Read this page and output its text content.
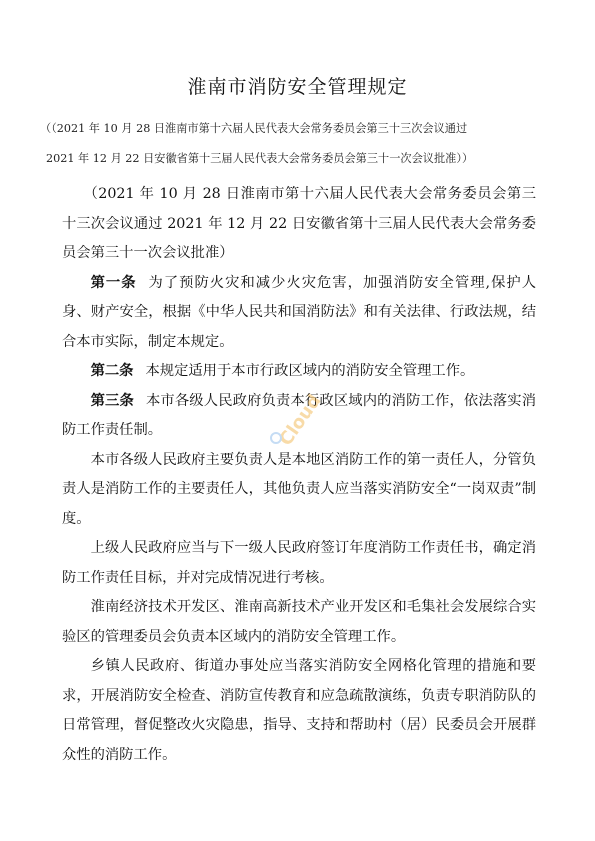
淮南市消防安全管理规定
（（2021 年 10 月 28 日淮南市第十六届人民代表大会常务委员会第三十三次会议通过
2021 年 12 月 22 日安徽省第十三届人民代表大会常务委员会第三十一次会议批准））

（2021 年 10 月 28 日淮南市第十六届人民代表大会常务委员会第三十三次会议通过 2021 年 12 月 22 日安徽省第十三届人民代表大会常务委员会第三十一次会议批准）

第一条 为了预防火灾和减少火灾危害，加强消防安全管理,保护人身、财产安全，根据《中华人民共和国消防法》和有关法律、行政法规，结合本市实际，制定本规定。

第二条 本规定适用于本市行政区域内的消防安全管理工作。

第三条 本市各级人民政府负责本行政区域内的消防工作，依法落实消防工作责任制。

本市各级人民政府主要负责人是本地区消防工作的第一责任人，分管负责人是消防工作的主要责任人，其他负责人应当落实消防安全“一岗双责”制度。

上级人民政府应当与下一级人民政府签订年度消防工作责任书，确定消防工作责任目标，并对完成情况进行考核。

淮南经济技术开发区、淮南高新技术产业开发区和毛集社会发展综合实验区的管理委员会负责本区域内的消防安全管理工作。

乡镇人民政府、街道办事处应当落实消防安全网格化管理的措施和要求，开展消防安全检查、消防宣传教育和应急疏散演练，负责专职消防队的日常管理，督促整改火灾隐患，指导、支持和帮助村（居）民委员会开展群众性的消防工作。

Cloud
